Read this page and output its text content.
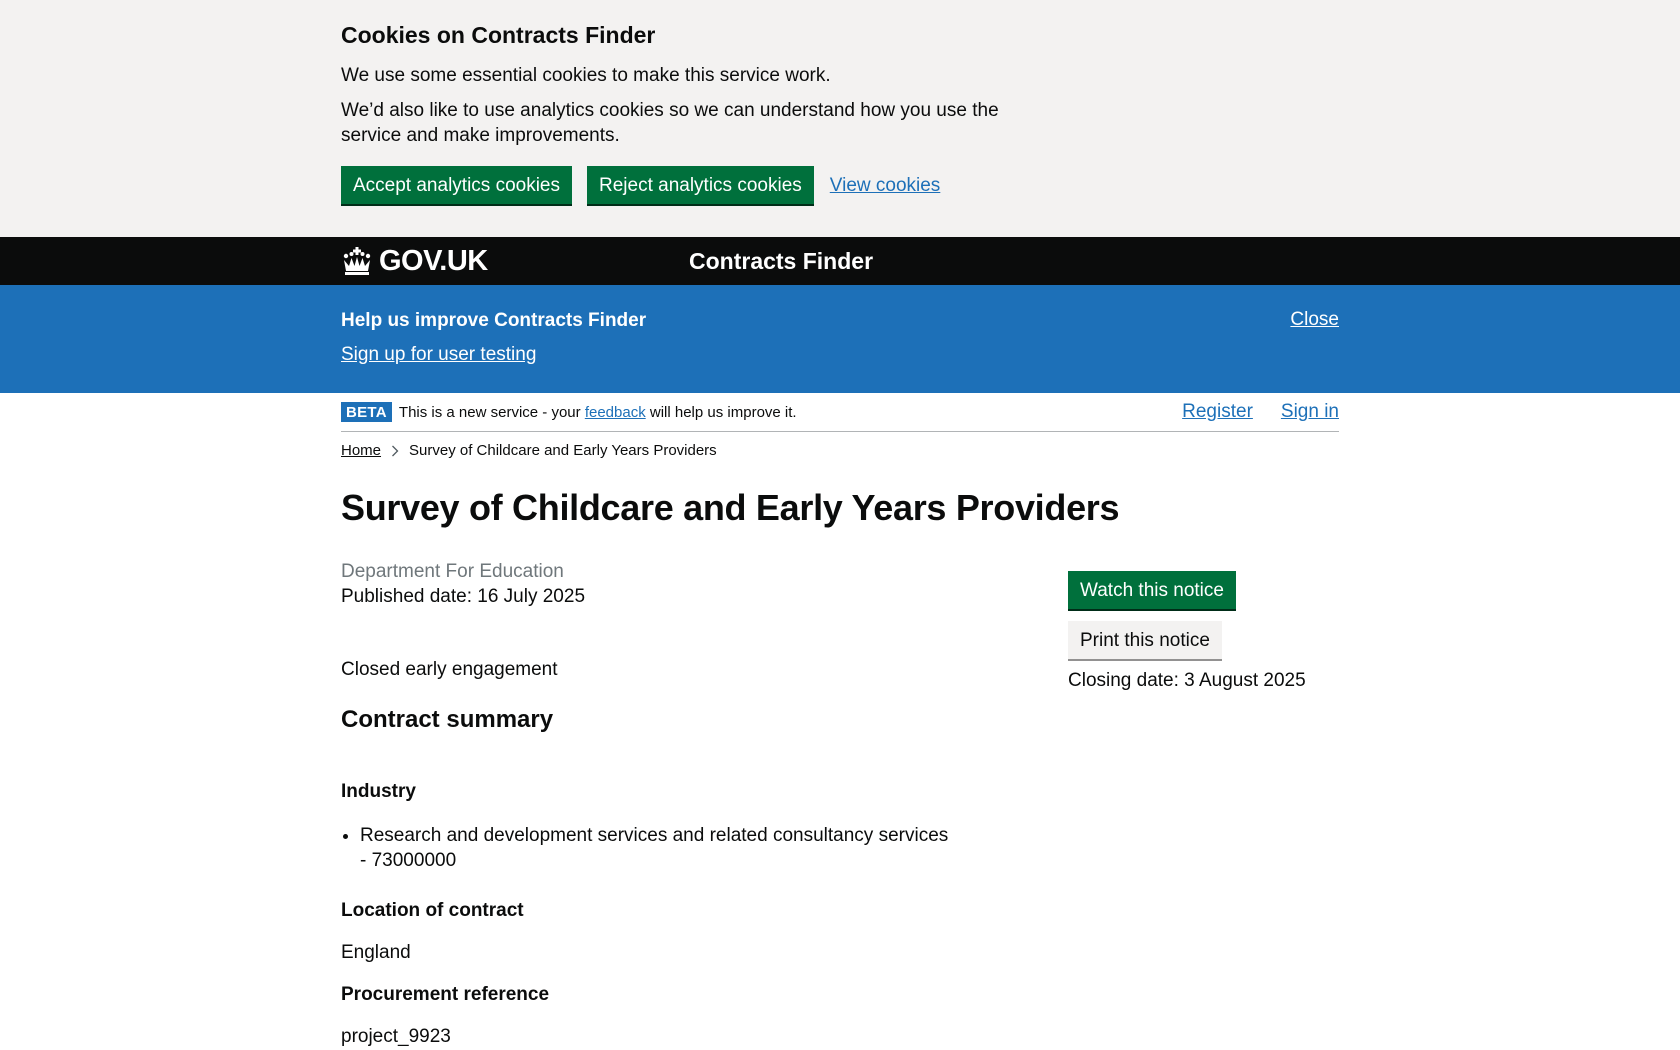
Cookies on Contracts Finder

We use some essential cookies to make this service work.

We’d also like to use analytics cookies so we can understand how you use the service and make improvements.

Accept analytics cookies	Reject analytics cookies	View cookies
GOV.UK	Contracts Finder
Help us improve Contracts Finder
Sign up for user testing
Close
BETA This is a new service - your feedback will help us improve it.	Register Sign in
Home Survey of Childcare and Early Years Providers
Survey of Childcare and Early Years Providers
Department For Education
Published date: 16 July 2025
Closed early engagement
Contract summary
Industry
• Research and development services and related consultancy services - 73000000
Location of contract
England
Procurement reference
project_9923
Watch this notice
Print this notice
Closing date: 3 August 2025
